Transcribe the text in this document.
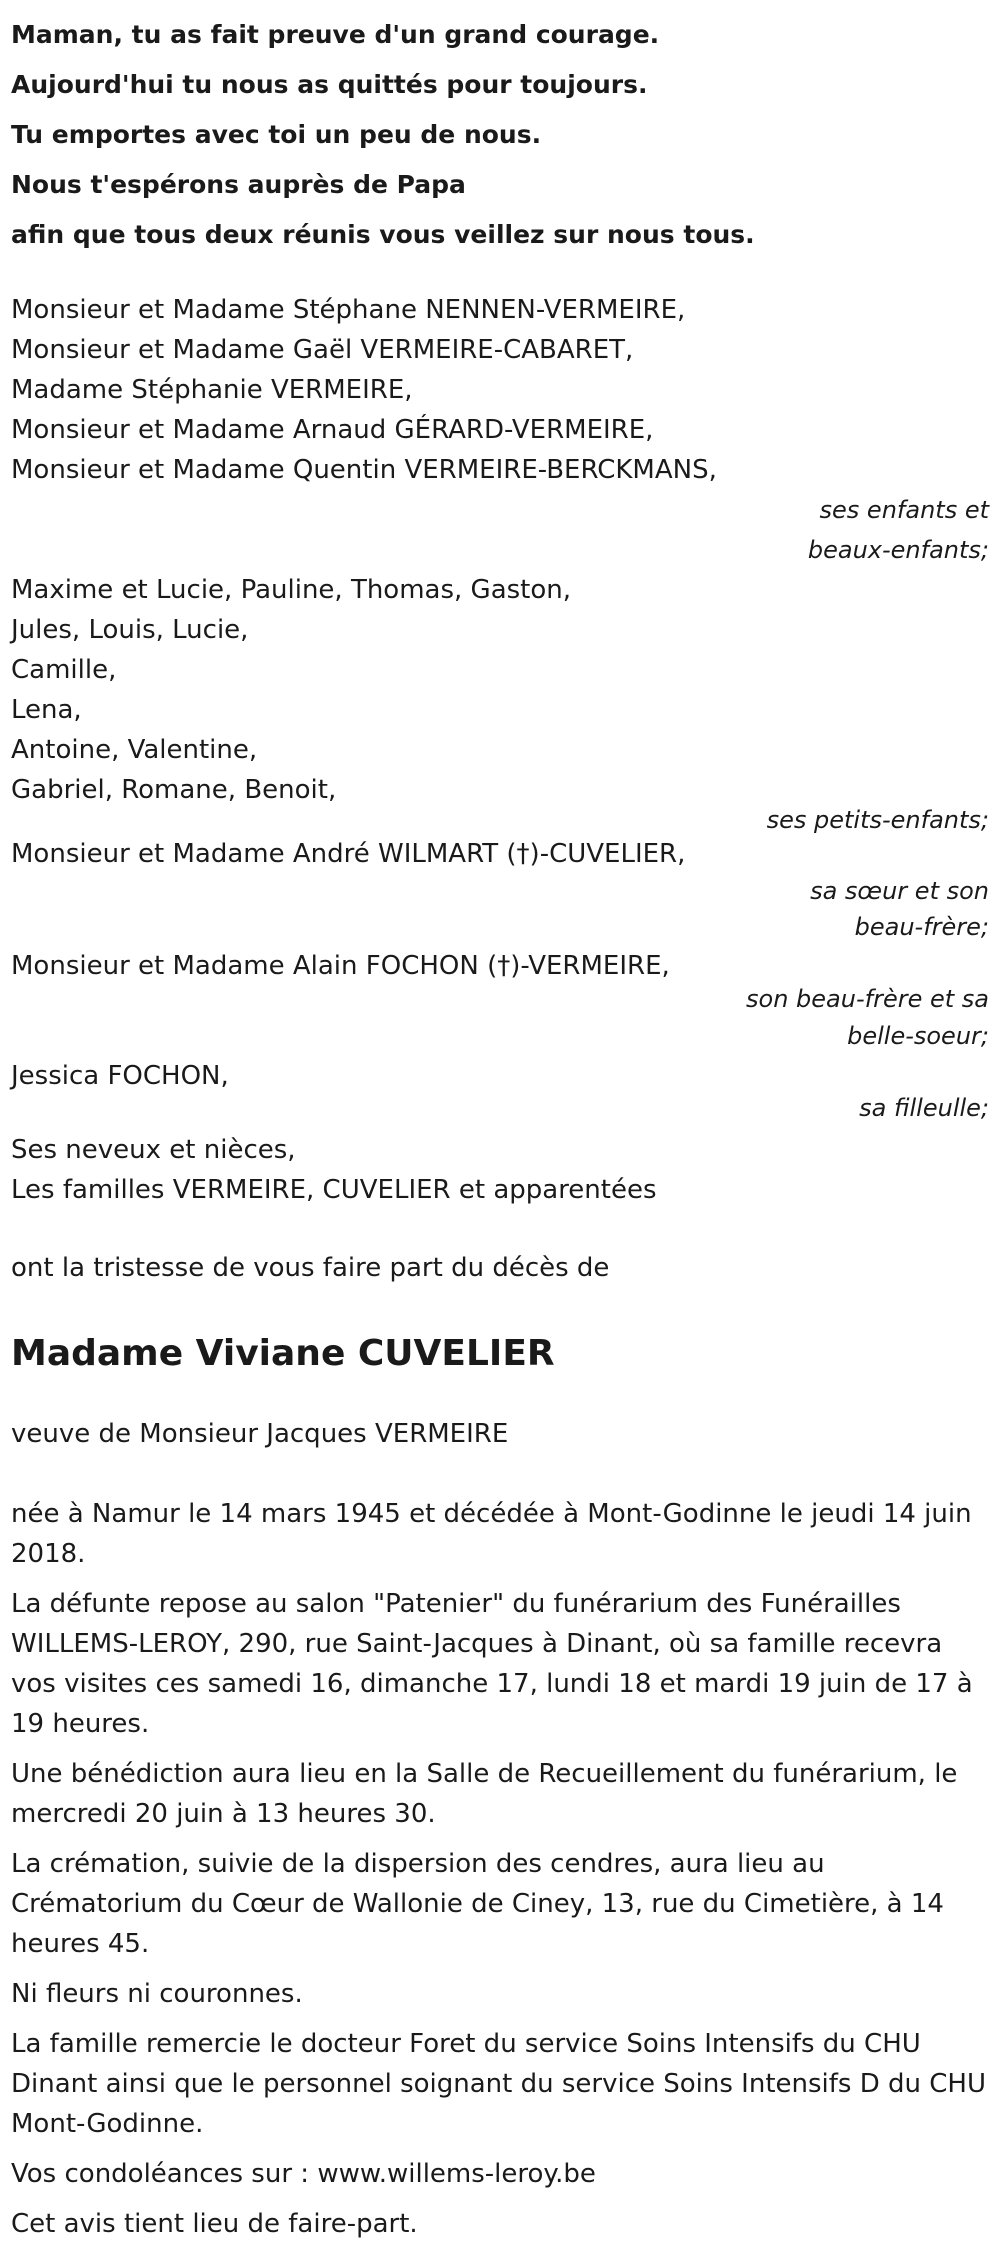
Maman, tu as fait preuve d'un grand courage.
Aujourd'hui tu nous as quittés pour toujours.
Tu emportes avec toi un peu de nous.
Nous t'espérons auprès de Papa
afin que tous deux réunis vous veillez sur nous tous.
Monsieur et Madame Stéphane NENNEN-VERMEIRE,
Monsieur et Madame Gaël VERMEIRE-CABARET,
Madame Stéphanie VERMEIRE,
Monsieur et Madame Arnaud GÉRARD-VERMEIRE,
Monsieur et Madame Quentin VERMEIRE-BERCKMANS,
ses enfants et
beaux-enfants;
Maxime et Lucie, Pauline, Thomas, Gaston,
Jules, Louis, Lucie,
Camille,
Lena,
Antoine, Valentine,
Gabriel, Romane, Benoit,
ses petits-enfants;
Monsieur et Madame André WILMART (†)-CUVELIER,
sa sœur et son
beau-frère;
Monsieur et Madame Alain FOCHON (†)-VERMEIRE,
son beau-frère et sa
belle-soeur;
Jessica FOCHON,
sa filleulle;
Ses neveux et nièces,
Les familles VERMEIRE, CUVELIER et apparentées
ont la tristesse de vous faire part du décès de
Madame Viviane CUVELIER
veuve de Monsieur Jacques VERMEIRE

née à Namur le 14 mars 1945 et décédée à Mont-Godinne le jeudi 14 juin 2018.

La défunte repose au salon "Patenier" du funérarium des Funérailles WILLEMS-LEROY, 290, rue Saint-Jacques à Dinant, où sa famille recevra vos visites ces samedi 16, dimanche 17, lundi 18 et mardi 19 juin de 17 à 19 heures.

Une bénédiction aura lieu en la Salle de Recueillement du funérarium, le mercredi 20 juin à 13 heures 30.

La crémation, suivie de la dispersion des cendres, aura lieu au Crématorium du Cœur de Wallonie de Ciney, 13, rue du Cimetière, à 14 heures 45.

Ni fleurs ni couronnes.

La famille remercie le docteur Foret du service Soins Intensifs du CHU Dinant ainsi que le personnel soignant du service Soins Intensifs D du CHU Mont-Godinne.

Vos condoléances sur : www.willems-leroy.be

Cet avis tient lieu de faire-part.
